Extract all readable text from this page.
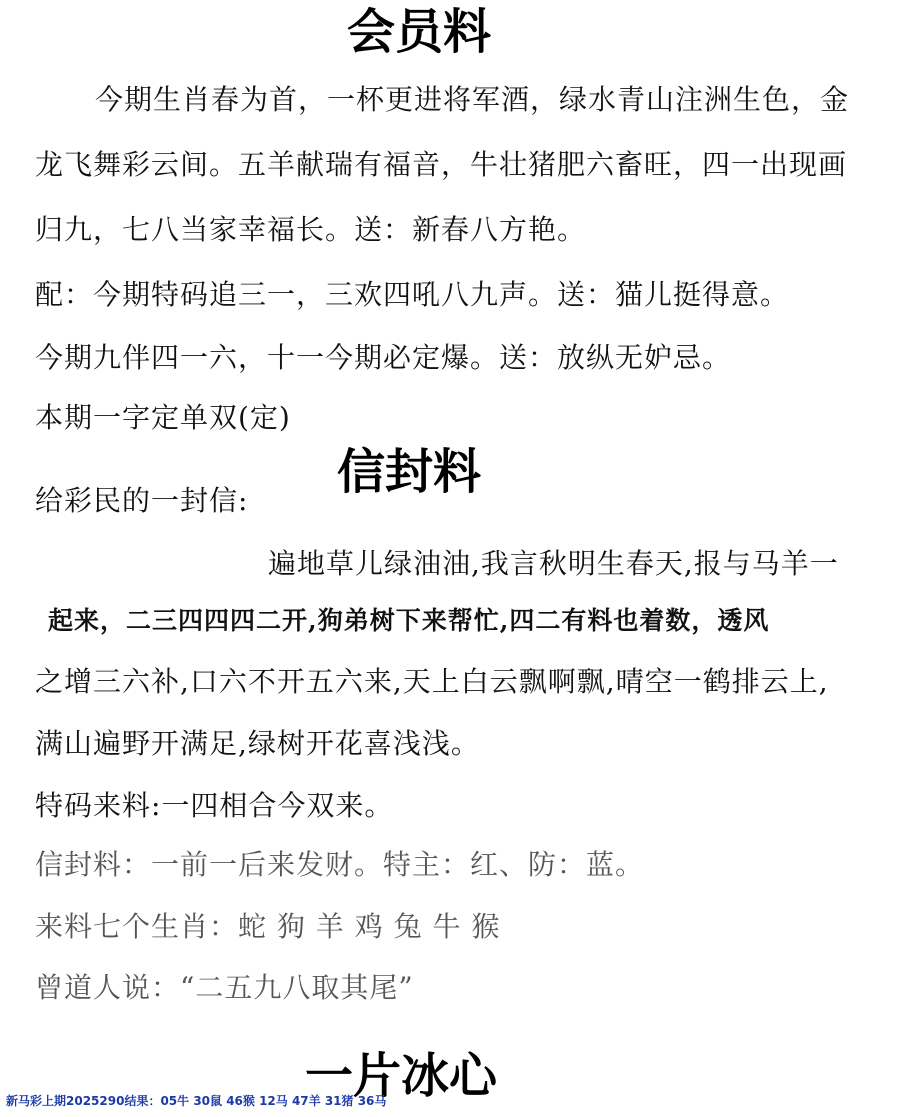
会员料
今期生肖春为首，一杯更进将军酒，绿水青山注洲生色，金
龙飞舞彩云间。五羊献瑞有福音，牛壮猪肥六畜旺，四一出现画
归九，七八当家幸福长。送：新春八方艳。
配：今期特码追三一，三欢四吼八九声。送：猫儿挺得意。
今期九伴四一六，十一今期必定爆。送：放纵无妒忌。
本期一字定单双(定)
信封料
给彩民的一封信:
遍地草儿绿油油,我言秋明生春天,报与马羊一
起来，二三四四四二开,狗弟树下来帮忙,四二有料也着数，透风
之增三六补,口六不开五六来,天上白云飘啊飘,晴空一鹤排云上,
满山遍野开满足,绿树开花喜浅浅。
特码来料:一四相合今双来。
信封料：一前一后来发财。特主：红、防：蓝。
来料七个生肖：蛇 狗 羊 鸡 兔 牛 猴
曾道人说：“二五九八取其尾”
一片冰心
新马彩上期2025290结果：05牛 30鼠 46猴 12马 47羊 31猪 36马
